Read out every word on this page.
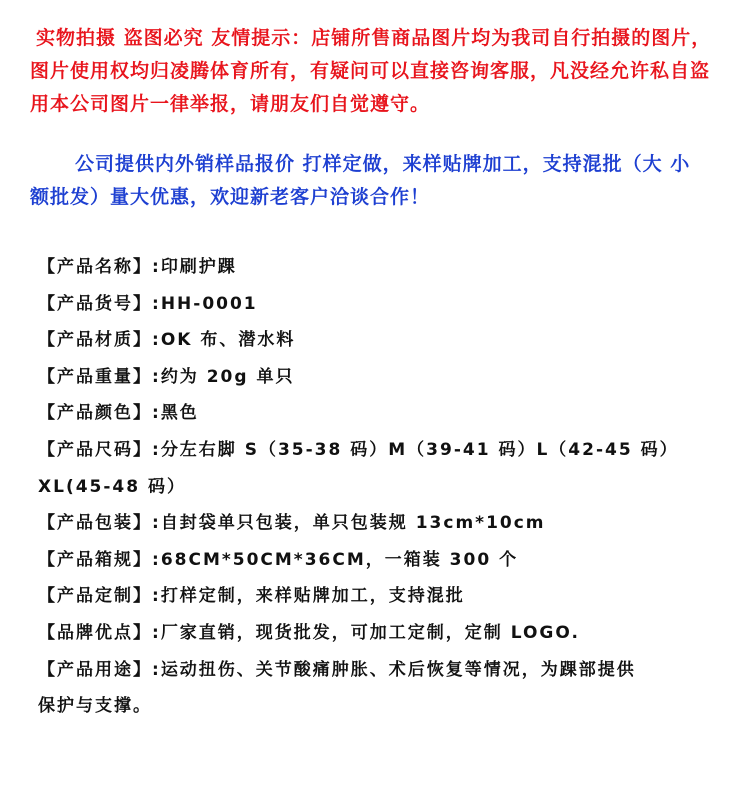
实物拍摄 盗图必究 友情提示：店铺所售商品图片均为我司自行拍摄的图片，
图片使用权均归凌腾体育所有，有疑问可以直接咨询客服，凡没经允许私自盗
用本公司图片一律举报，请朋友们自觉遵守。
公司提供内外销样品报价 打样定做，来样贴牌加工，支持混批（大 小
额批发）量大优惠，欢迎新老客户洽谈合作！
【产品名称】:印刷护踝
【产品货号】:HH-0001
【产品材质】:OK 布、潜水料
【产品重量】:约为 20g 单只
【产品颜色】:黑色
【产品尺码】:分左右脚 S（35-38 码）M（39-41 码）L（42-45 码）
XL(45-48 码）
【产品包装】:自封袋单只包装，单只包装规 13cm*10cm
【产品箱规】:68CM*50CM*36CM，一箱装 300 个
【产品定制】:打样定制，来样贴牌加工，支持混批
【品牌优点】:厂家直销，现货批发，可加工定制，定制 LOGO.
【产品用途】:运动扭伤、关节酸痛肿胀、术后恢复等情况，为踝部提供
保护与支撑。
